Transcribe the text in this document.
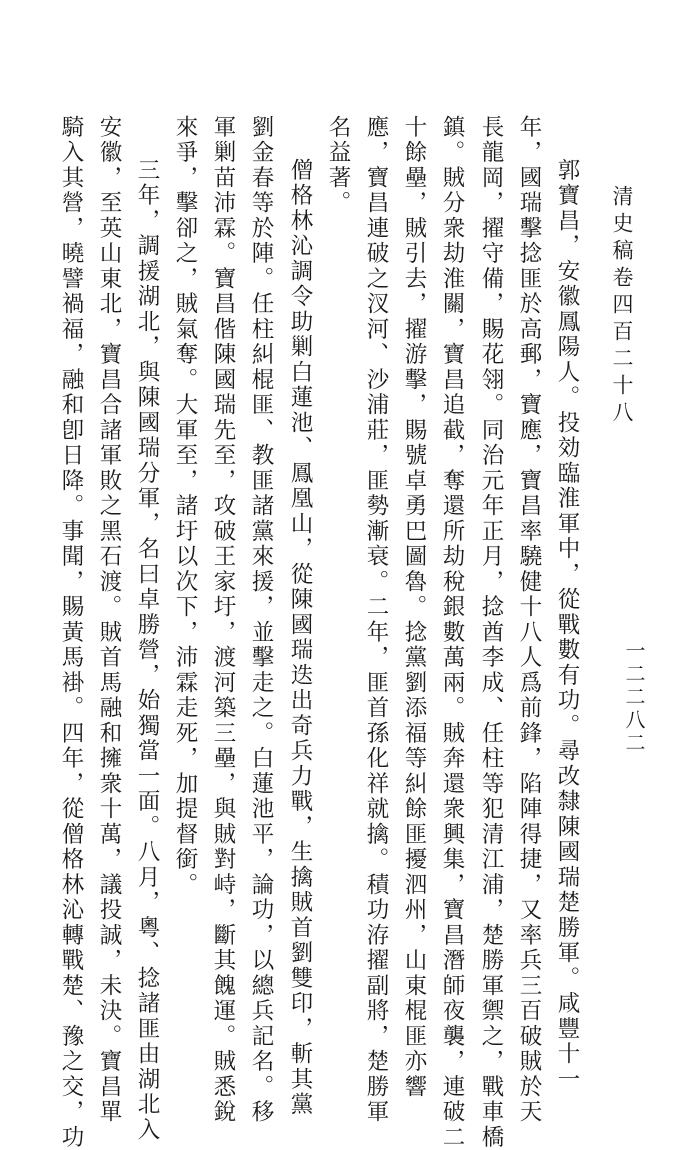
清史稿卷四百二十八
一二二八二
郭寶昌，安徽鳳陽人。投効臨淮軍中，從戰數有功。尋改隸陳國瑞楚勝軍。咸豐十一
年，國瑞擊捻匪於高郵，寶應，寶昌率驍健十八人爲前鋒，陷陣得捷，又率兵三百破賊於天
長龍岡，擢守備，賜花翎。同治元年正月，捻酋李成、任柱等犯清江浦，楚勝軍禦之，戰車橋
鎮。賊分衆劫淮關，寶昌追截，奪還所劫稅銀數萬兩。賊奔還衆興集，寶昌潛師夜襲，連破二
十餘壘，賊引去，擢游擊，賜號卓勇巴圖魯。捻黨劉添福等糾餘匪擾泗州，山東棍匪亦響
應，寶昌連破之汊河、沙浦莊，匪勢漸衰。二年，匪首孫化祥就擒。積功洊擢副將，楚勝軍
名益著。
僧格林沁調令助剿白蓮池、鳳凰山，從陳國瑞迭出奇兵力戰，生擒賊首劉雙印，斬其黨
劉金春等於陣。任柱糾棍匪、教匪諸黨來援，並擊走之。白蓮池平，論功，以總兵記名。移
軍剿苗沛霖。寶昌偕陳國瑞先至，攻破王家圩，渡河築三壘，與賊對峙，斷其餽運。賊悉銳
來爭，擊卻之，賊氣奪。大軍至，諸圩以次下，沛霖走死，加提督銜。
三年，調援湖北，與陳國瑞分軍，名曰卓勝營，始獨當一面。八月，粵、捻諸匪由湖北入
安徽，至英山東北，寶昌合諸軍敗之黑石渡。賊首馬融和擁衆十萬，議投誠，未決。寶昌單
騎入其營，曉譬禍福，融和卽日降。事聞，賜黃馬褂。四年，從僧格林沁轉戰楚、豫之交，功
